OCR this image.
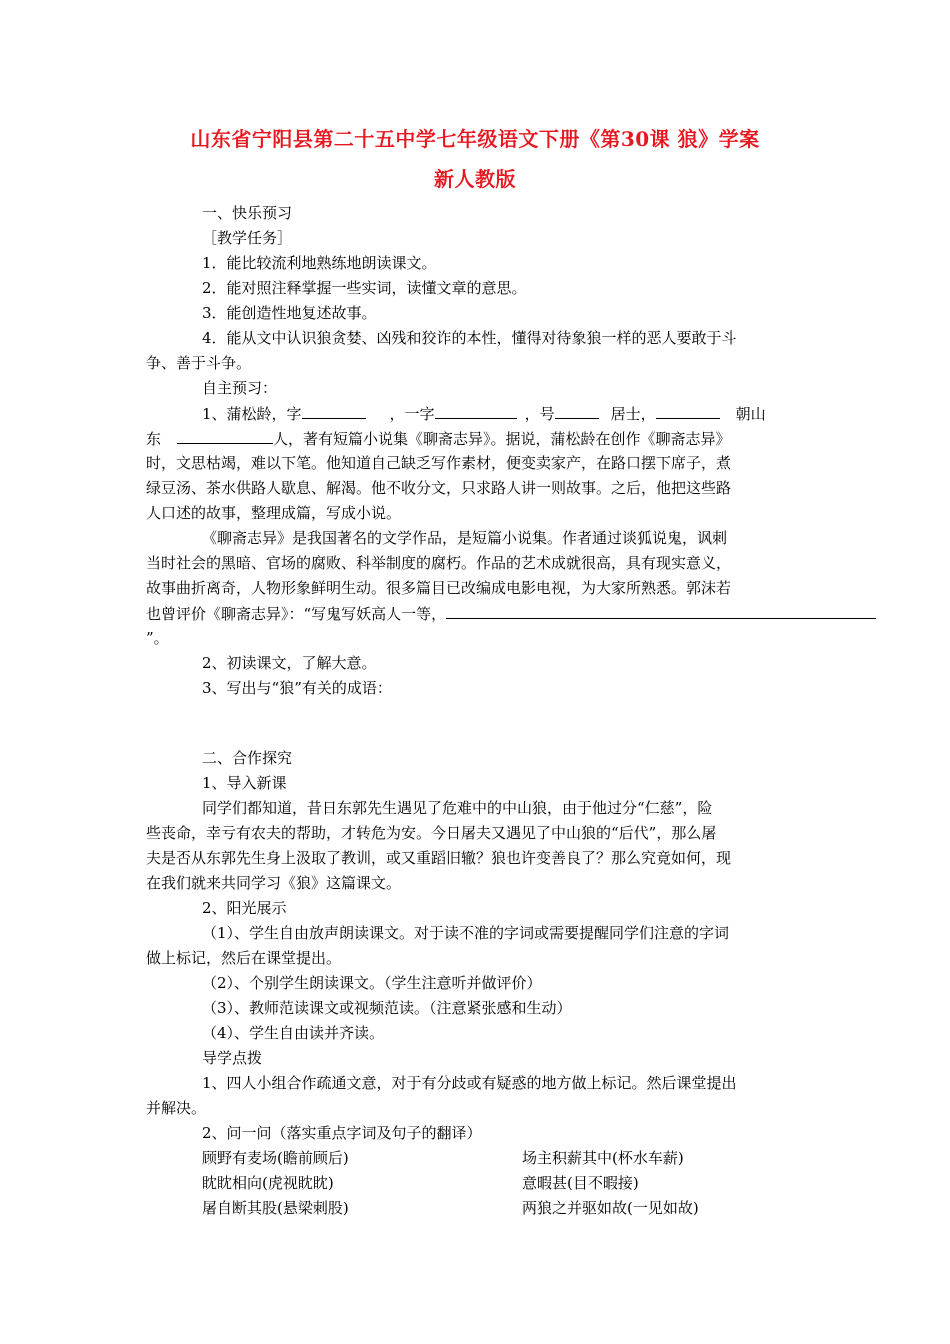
山东省宁阳县第二十五中学七年级语文下册《第30课 狼》学案
新人教版
一、快乐预习
［教学任务］
1．能比较流利地熟练地朗读课文。
2．能对照注释掌握一些实词，读懂文章的意思。
3．能创造性地复述故事。
4．能从文中认识狼贪婪、凶残和狡诈的本性，懂得对待象狼一样的恶人要敢于斗
争、善于斗争。
自主预习：
1、蒲松龄，字	，一字	，号	居士，	朝山
东	人，著有短篇小说集《聊斋志异》。据说，蒲松龄在创作《聊斋志异》
时，文思枯竭，难以下笔。他知道自己缺乏写作素材，便变卖家产，在路口摆下席子，煮
绿豆汤、茶水供路人歇息、解渴。他不收分文，只求路人讲一则故事。之后，他把这些路
人口述的故事，整理成篇，写成小说。
《聊斋志异》是我国著名的文学作品，是短篇小说集。作者通过谈狐说鬼，讽刺
当时社会的黑暗、官场的腐败、科举制度的腐朽。作品的艺术成就很高，具有现实意义，
故事曲折离奇，人物形象鲜明生动。很多篇目已改编成电影电视，为大家所熟悉。郭沫若
也曾评价《聊斋志异》：“写鬼写妖高人一等，
”。
2、初读课文，了解大意。
3、写出与“狼”有关的成语：
二、合作探究
1、导入新课
同学们都知道，昔日东郭先生遇见了危难中的中山狼，由于他过分“仁慈”，险
些丧命，幸亏有农夫的帮助，才转危为安。今日屠夫又遇见了中山狼的“后代”，那么屠
夫是否从东郭先生身上汲取了教训，或又重蹈旧辙？狼也许变善良了？那么究竟如何，现
在我们就来共同学习《狼》这篇课文。
2、阳光展示
（1）、学生自由放声朗读课文。对于读不准的字词或需要提醒同学们注意的字词
做上标记，然后在课堂提出。
（2）、个别学生朗读课文。（学生注意听并做评价）
（3）、教师范读课文或视频范读。（注意紧张感和生动）
（4）、学生自由读并齐读。
导学点拨
1、四人小组合作疏通文意，对于有分歧或有疑惑的地方做上标记。然后课堂提出
并解决。
2、问一问（落实重点字词及句子的翻译）
顾野有麦场(瞻前顾后)	场主积薪其中(杯水车薪)
眈眈相向(虎视眈眈)	意暇甚(目不暇接)
屠自断其股(悬梁刺股)	两狼之并驱如故(一见如故)
